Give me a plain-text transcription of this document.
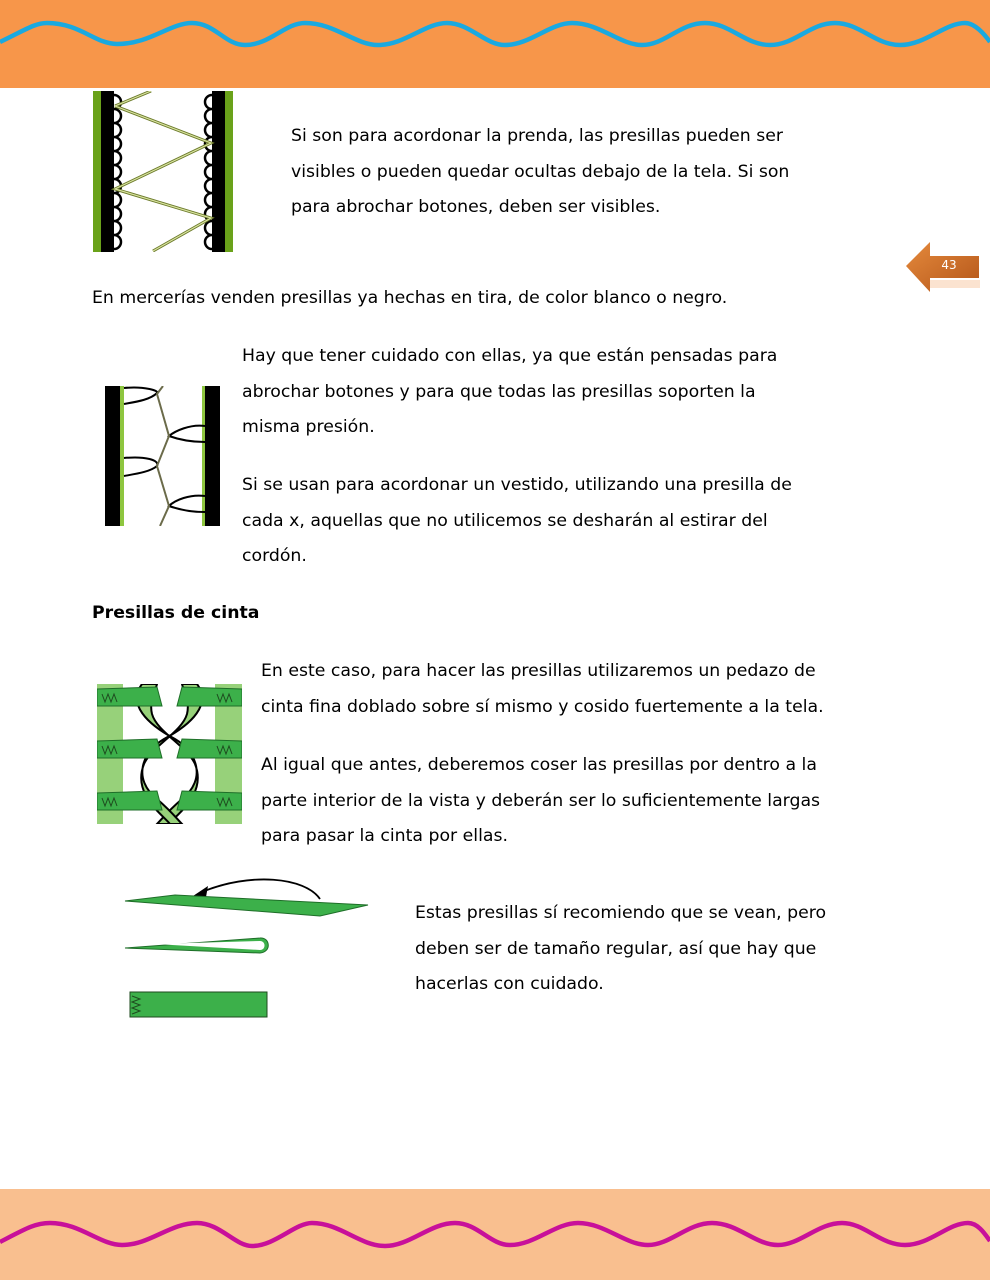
43

Si son para acordonar la prenda, las presillas pueden ser
visibles o pueden quedar ocultas debajo de la tela. Si son
para abrochar botones, deben ser visibles.

En mercerías venden presillas ya hechas en tira, de color blanco o negro.

Hay que tener cuidado con ellas, ya que están pensadas para
abrochar botones y para que todas las presillas soporten la
misma presión.

Si se usan para acordonar un vestido, utilizando una presilla de
cada x, aquellas que no utilicemos se desharán al estirar del
cordón.

Presillas de cinta

En este caso, para hacer las presillas utilizaremos un pedazo de
cinta fina doblado sobre sí mismo y cosido fuertemente a la tela.

Al igual que antes, deberemos coser las presillas por dentro a la
parte interior de la vista y deberán ser lo suficientemente largas
para pasar la cinta por ellas.

Estas presillas sí recomiendo que se vean, pero
deben ser de tamaño regular, así que hay que
hacerlas con cuidado.
